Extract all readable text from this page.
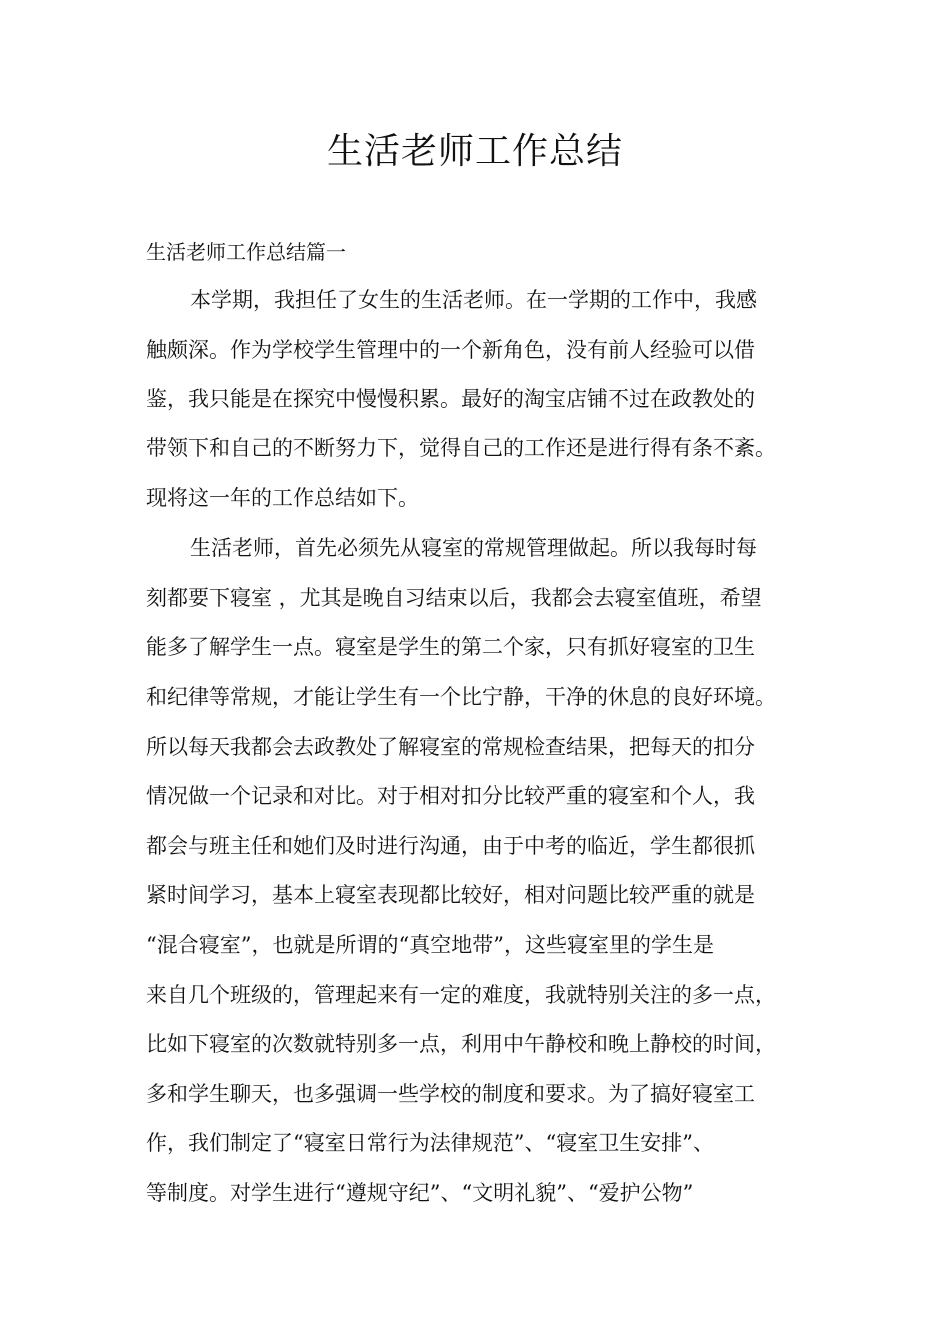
生活老师工作总结

生活老师工作总结篇一

本学期，我担任了女生的生活老师。在一学期的工作中，我感

触颇深。作为学校学生管理中的一个新角色，没有前人经验可以借

鉴，我只能是在探究中慢慢积累。最好的淘宝店铺不过在政教处的

带领下和自己的不断努力下，觉得自己的工作还是进行得有条不紊。

现将这一年的工作总结如下。

生活老师，首先必须先从寝室的常规管理做起。所以我每时每

刻都要下寝室 ，尤其是晚自习结束以后，我都会去寝室值班，希望

能多了解学生一点。寝室是学生的第二个家，只有抓好寝室的卫生

和纪律等常规，才能让学生有一个比宁静，干净的休息的良好环境。

所以每天我都会去政教处了解寝室的常规检查结果，把每天的扣分

情况做一个记录和对比。对于相对扣分比较严重的寝室和个人，我

都会与班主任和她们及时进行沟通，由于中考的临近，学生都很抓

紧时间学习，基本上寝室表现都比较好，相对问题比较严重的就是

“混合寝室”，也就是所谓的“真空地带”，这些寝室里的学生是

来自几个班级的，管理起来有一定的难度，我就特别关注的多一点，

比如下寝室的次数就特别多一点，利用中午静校和晚上静校的时间，

多和学生聊天，也多强调一些学校的制度和要求。为了搞好寝室工

作，我们制定了“寝室日常行为法律规范”、“寝室卫生安排”、

等制度。对学生进行“遵规守纪”、“文明礼貌”、“爱护公物”
